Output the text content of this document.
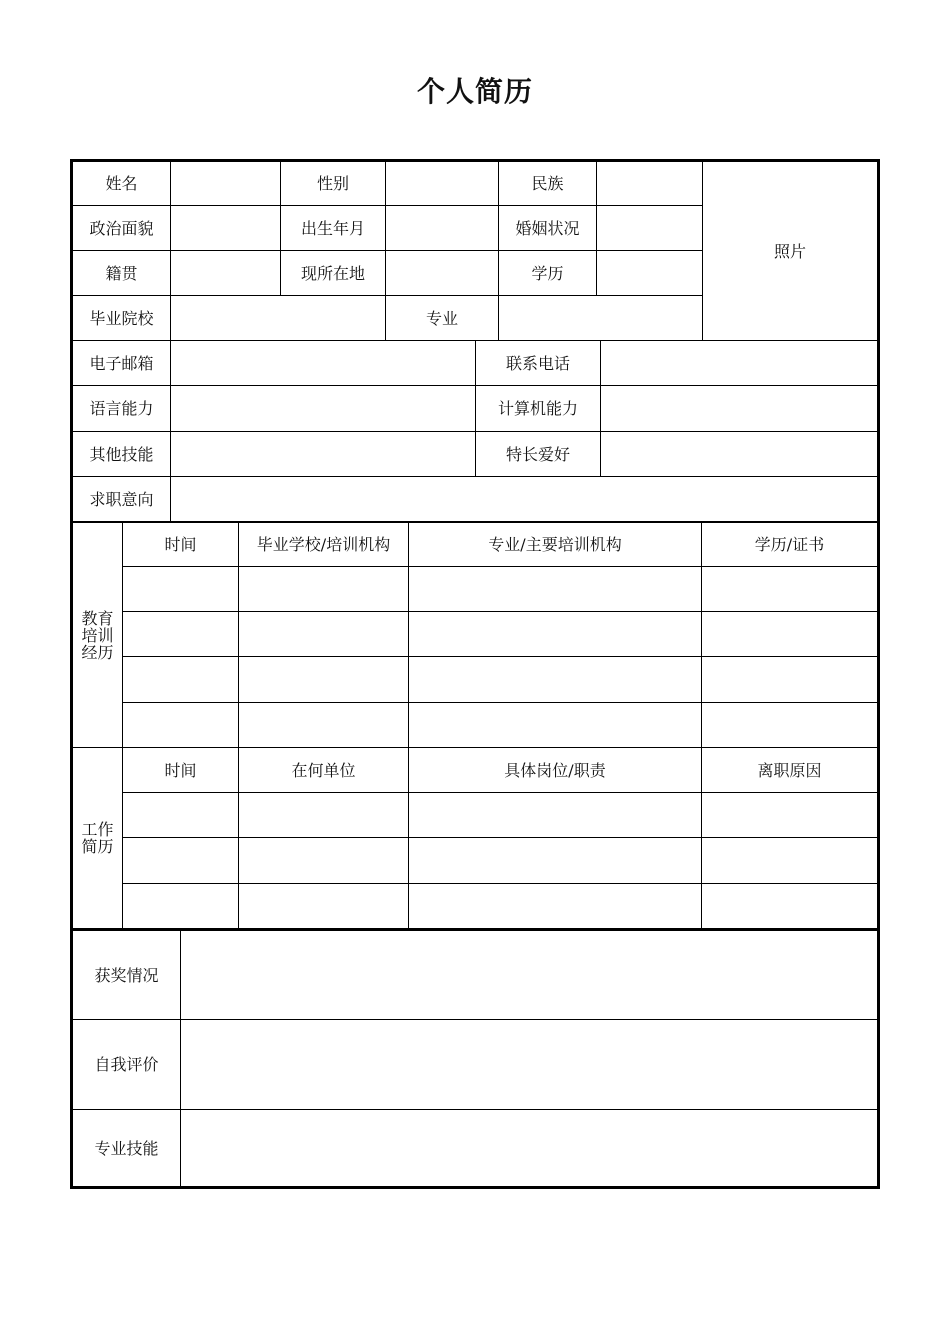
个人简历
姓名	性别	民族
照片
政治面貌	出生年月	婚姻状况
籍贯	现所在地	学历
毕业院校	专业
电子邮箱	联系电话
语言能力	计算机能力
其他技能	特长爱好
求职意向
教育
培训
经历
时间	毕业学校/培训机构	专业/主要培训机构	学历/证书
工作
简历
时间	在何单位	具体岗位/职责	离职原因
获奖情况
自我评价
专业技能
